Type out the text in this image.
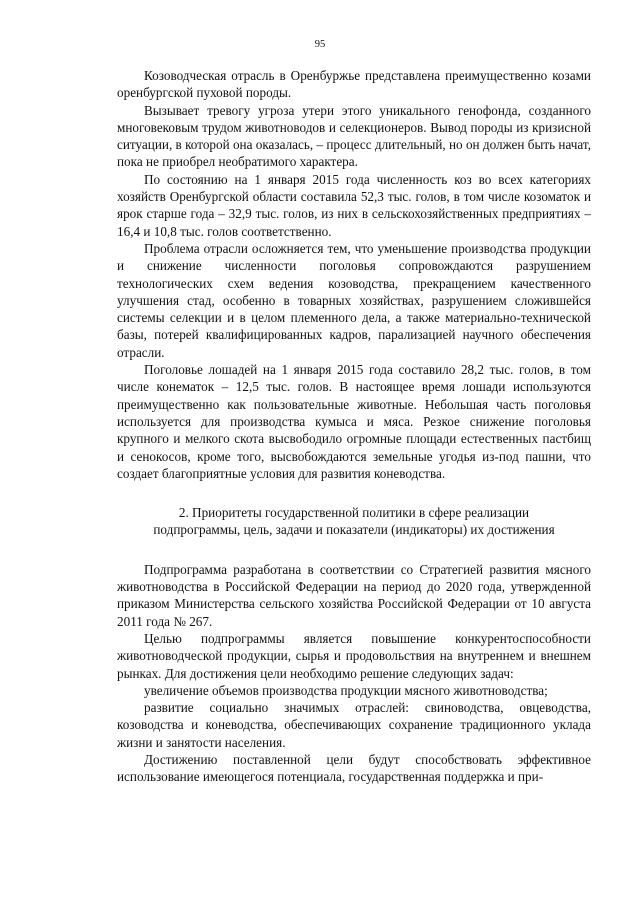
95

Козоводческая отрасль в Оренбуржье представлена преимущественно козами оренбургской пуховой породы.

Вызывает тревогу угроза утери этого уникального генофонда, созданного многовековым трудом животноводов и селекционеров. Вывод породы из кризисной ситуации, в которой она оказалась, – процесс длительный, но он должен быть начат, пока не приобрел необратимого характера.

По состоянию на 1 января 2015 года численность коз во всех категориях хозяйств Оренбургской области составила 52,3 тыс. голов, в том числе козоматок и ярок старше года – 32,9 тыс. голов, из них в сельскохозяйственных предприятиях – 16,4 и 10,8 тыс. голов соответственно.

Проблема отрасли осложняется тем, что уменьшение производства продукции и снижение численности поголовья сопровождаются разрушением технологических схем ведения козоводства, прекращением качественного улучшения стад, особенно в товарных хозяйствах, разрушением сложившейся системы селекции и в целом племенного дела, а также материально-технической базы, потерей квалифицированных кадров, парализацией научного обеспечения отрасли.

Поголовье лошадей на 1 января 2015 года составило 28,2 тыс. голов, в том числе конематок – 12,5 тыс. голов. В настоящее время лошади используются преимущественно как пользовательные животные. Небольшая часть поголовья используется для производства кумыса и мяса. Резкое снижение поголовья крупного и мелкого скота высвободило огромные площади естественных пастбищ и сенокосов, кроме того, высвобождаются земельные угодья из-под пашни, что создает благоприятные условия для развития коневодства.

2. Приоритеты государственной политики в сфере реализации
подпрограммы, цель, задачи и показатели (индикаторы) их достижения

Подпрограмма разработана в соответствии со Стратегией развития мясного животноводства в Российской Федерации на период до 2020 года, утвержденной приказом Министерства сельского хозяйства Российской Федерации от 10 августа 2011 года № 267.

Целью подпрограммы является повышение конкурентоспособности животноводческой продукции, сырья и продовольствия на внутреннем и внешнем рынках. Для достижения цели необходимо решение следующих задач:

увеличение объемов производства продукции мясного животноводства;

развитие социально значимых отраслей: свиноводства, овцеводства, козоводства и коневодства, обеспечивающих сохранение традиционного уклада жизни и занятости населения.

Достижению поставленной цели будут способствовать эффективное использование имеющегося потенциала, государственная поддержка и при-
